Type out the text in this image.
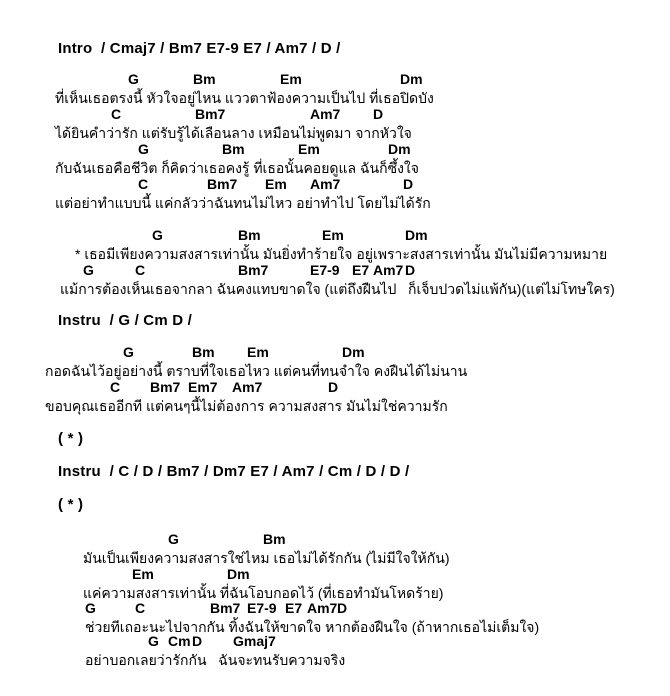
Intro  / Cmaj7 / Bm7 E7-9 E7 / Am7 / D /
G	Bm	Em	Dm
ที่เห็นเธอตรงนี้ หัวใจอยู่ไหน แววตาฟ้องความเป็นไป ที่เธอปิดบัง
C	Bm7	Am7 D
ได้ยินคำว่ารัก แต่รับรู้ได้เลือนลาง เหมือนไม่พูดมา จากหัวใจ
G	Bm	Em	Dm
กับฉันเธอคือชีวิต ก็คิดว่าเธอคงรู้ ที่เธอนั้นคอยดูแล ฉันก็ซึ้งใจ
C	Bm7 Em Am7	D
แต่อย่าทำแบบนี้ แค่กลัวว่าฉันทนไม่ไหว อย่าทำไป โดยไม่ได้รัก
G	Bm	Em	Dm
* เธอมีเพียงความสงสารเท่านั้น มันยิ่งทำร้ายใจ อยู่เพราะสงสารเท่านั้น มันไม่มีความหมาย
G	C	Bm7	E7-9 E7 Am7 D
แม้การต้องเห็นเธอจากลา ฉันคงแทบขาดใจ (แต่ถึงฝืนไป   ก็เจ็บปวดไม่แพ้กัน)(แต่ไม่โทษใคร)
Instru  / G / Cm D /
G	Bm Em	Dm
กอดฉันไว้อยู่อย่างนี้ ตราบที่ใจเธอไหว แต่คนที่ทนจำใจ คงฝืนได้ไม่นาน
C Bm7 Em7 Am7	D
ขอบคุณเธออีกที แต่คนๆนี้ไม่ต้องการ ความสงสาร มันไม่ใช่ความรัก
( * )
Instru  / C / D / Bm7 / Dm7 E7 / Am7 / Cm / D / D /
( * )
G	Bm
มันเป็นเพียงความสงสารใช่ไหม เธอไม่ได้รักกัน (ไม่มีใจให้กัน)
Em	Dm
แค่ความสงสารเท่านั้น ที่ฉันโอบกอดไว้ (ที่เธอทำมันโหดร้าย)
G	C	Bm7 E7-9 E7 Am7 D
ช่วยทีเถอะนะไปจากกัน ทิ้งฉันให้ขาดใจ หากต้องฝืนใจ (ถ้าหากเธอไม่เต็มใจ)
G Cm D Gmaj7
อย่าบอกเลยว่ารักกัน   ฉันจะทนรับความจริง
